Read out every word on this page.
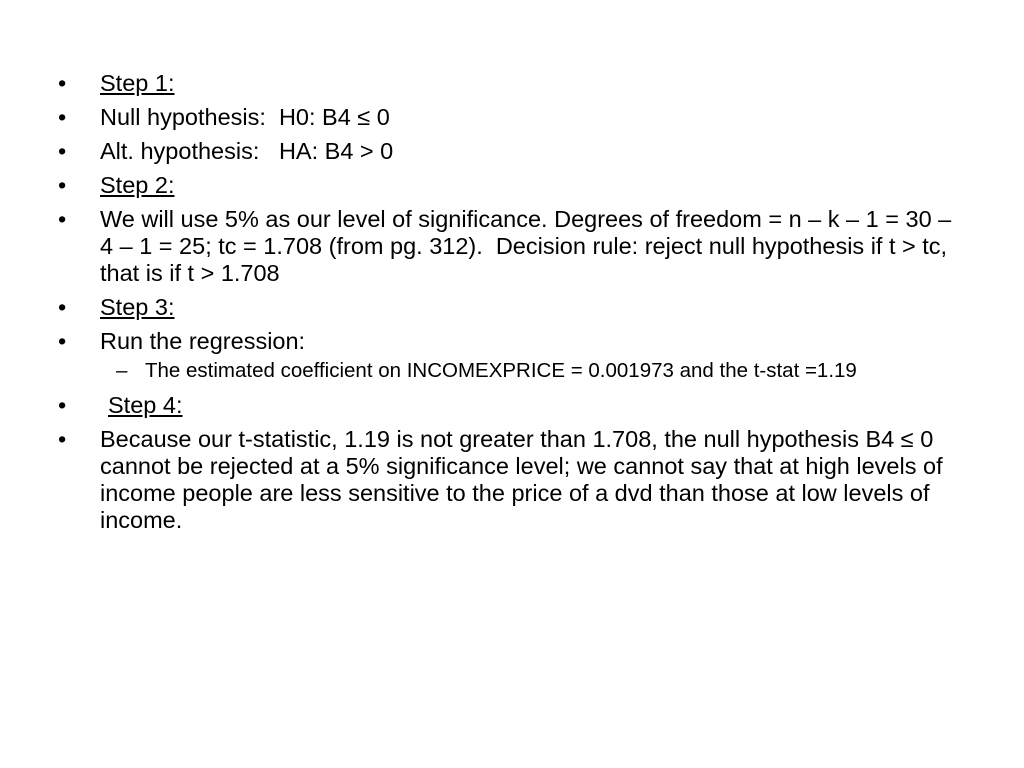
•	Step 1:
•	Null hypothesis:  H0: B4 ≤ 0
•	Alt. hypothesis:   HA: B4 > 0
•	Step 2:
•	We will use 5% as our level of significance. Degrees of freedom = n – k – 1 = 30 – 4 – 1 = 25; tc = 1.708 (from pg. 312).  Decision rule: reject null hypothesis if t > tc, that is if t > 1.708
•	Step 3:
•	Run the regression:
– The estimated coefficient on INCOMEXPRICE = 0.001973 and the t-stat =1.19
•	Step 4:
•	Because our t-statistic, 1.19 is not greater than 1.708, the null hypothesis B4 ≤ 0 cannot be rejected at a 5% significance level; we cannot say that at high levels of income people are less sensitive to the price of a dvd than those at low levels of income.
